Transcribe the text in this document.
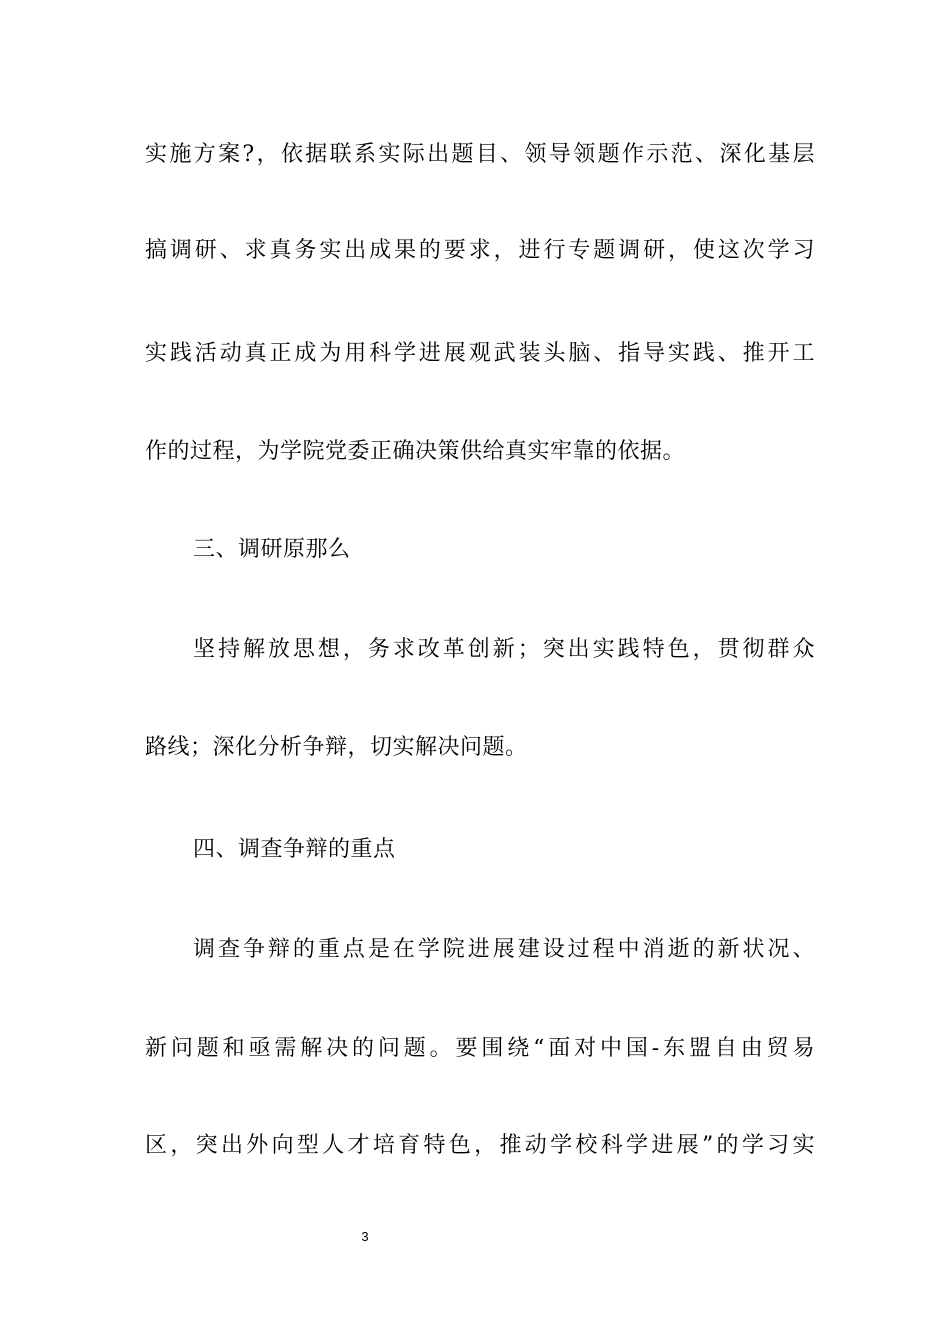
实施方案?，依据联系实际出题目、领导领题作示范、深化基层
搞调研、求真务实出成果的要求，进行专题调研，使这次学习
实践活动真正成为用科学进展观武装头脑、指导实践、推开工
作的过程，为学院党委正确决策供给真实牢靠的依据。
三、调研原那么
坚持解放思想，务求改革创新；突出实践特色，贯彻群众
路线；深化分析争辩，切实解决问题。
四、调查争辩的重点
调查争辩的重点是在学院进展建设过程中消逝的新状况、
新问题和亟需解决的问题。要围绕“面对中国-东盟自由贸易
区，突出外向型人才培育特色，推动学校科学进展”的学习实
3
